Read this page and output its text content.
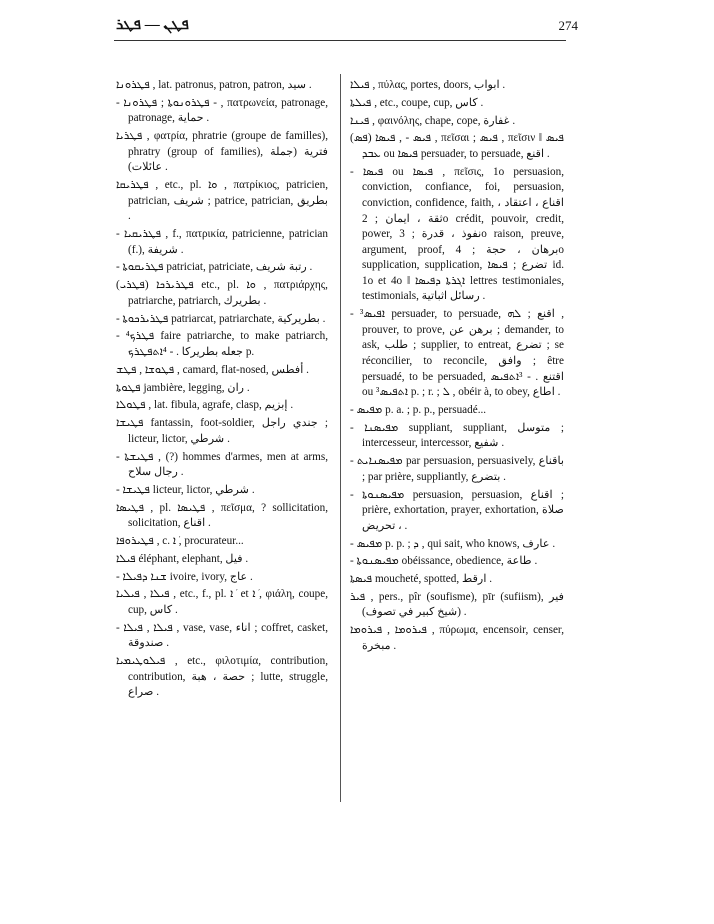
ܦܛܢ — ܦܛܪ	274

ܦܛܪܘܢܐ , lat. patronus, patron, patron, سيد .

- ܦܛܪܘܢܘܬܐ ; ܦܛܪܘܢܐ - , πατρωνεία, patronage, patronage, حماية .

ܦܛܪܝܐ , φατρία, phratrie (groupe de familles), phratry (group of families), فترية (جملة عائلات) .

ܦܛܪܝܩܐ , etc., pl. ܘܐ , πατρίκιος, patricien, patrician, شريف ; patrice, patrician, بطريق .

- ܦܛܪܝܩܝܐ , f., πατρικία, patricienne, patrician (f.), شريفة .

- ܦܛܪܝܩܘܬܐ patriciat, patriciate, رتبة شريف .

(ܦܛܪܝ) ܦܛܪܝܪܟܐ etc., pl. ܘܐ , πατριάρχης, patriarche, patriarch, بطريرك .

- ܦܛܪܝܪܟܘܬܐ patriarcat, patriarchate, بطريركية .

- ܦܛܪܟ⁴ faire patriarche, to make patriarch, جعله بطريركا . - ⁴ܐܬܦܛܪܟ p.

ܦܛܘܫܐ , ܦܛܫ , camard, flat-nosed, أفطس .

ܦܛܘܬܐ jambière, legging, ران .

ܦܛܘܠܐ , lat. fibula, agrafe, clasp, إبزيم .

ܦܛܝܫܐ fantassin, foot-soldier, جندي راجل ; licteur, lictor, شرطي .

- ܦܛܝܫܬܐ , (?) hommes d'armes, men at arms, رجال سلاح .

- ܦܛܝܫܐ licteur, lictor, شرطي .

ܦܛܝܣܐ , pl. ܦܛܝܣܐ , πεῖσμα, ? sollicitation, solicitation, اقناع .

ܦܛܝܪܘܦܐ , c. ܐ ܿ, procurateur...

ܦܝܠܐ éléphant, elephant, فيل .

- ܫܢܐ ܕܦܝܠܐ ivoire, ivory, عاج .

ܦܝܠܐ , ܦܝܠܝܐ , etc., f., pl. ܐ ܿ et ܐ ܿ, φιάλη, coupe, cup, كاس .

- ܦܝܠܐ , ܦܝܠܐ , vase, vase, اناء ; coffret, casket, صندوقة .

ܦܝܠܘܛܝܡܝܐ , etc., φιλοτιμία, contribution, contribution, حصة ، هبة ; lutte, struggle, صراع .

ܦܝܠܐ , πύλας, portes, doors, ابواب .

ܦܝܠܬܐ , etc., coupe, cup, كاس .

ܦܝܢܐ , φαινόλης, chape, cope, غفارة .

(ܦܣ) ܦܝܣ - , ܦܝܣܐ , πεῖσαι ; ܦܝܣ , πεῖσιν ǁ ܦܝܣ ܥܒܕ ou ܦܝܣܐ persuader, to persuade, اقنع .

- ܦܝܣܐ ou ܦܝܣܐ , πεῖσις, 1o persuasion, conviction, confiance, foi, persuasion, conviction, confidence, faith, اقناع ، اعتقاد ، ثقة ، ايمان ; 2o crédit, pouvoir, credit, power, نفوذ ، قدرة ; 3o raison, preuve, argument, proof, برهان ، حجة ; 4o supplication, supplication, تضرع ; ܦܝܣܐ id. 1o et 4o ǁ ܐܓܪܬܐ ܕܦܝܣܐ lettres testimoniales, testimonials, رسائل اثباتية .

- ³ܐܦܝܣ persuader, to persuade, اقنع ; ܠܗ , prouver, to prove, برهن عن ; demander, to ask, طلب ; supplier, to entreat, تضرع ; se réconcilier, to reconcile, وافق ; être persuadé, to be persuaded, اقتنع . - ³ܐܬܦܝܣ ou ³ܐܬܦܝܣ p. ; r. ; ܠ , obéir à, to obey, اطاع .

- ܡܦܝܣ p. a. ; p. p., persuadé...

- ܡܦܝܣܢܐ suppliant, suppliant, متوسل ; intercesseur, intercessor, شفيع .

- ܡܦܝܣܢܐܝܬ par persuasion, persuasively, باقناع ; par prière, suppliantly, بتضرع .

- ܡܦܝܣܢܘܬܐ persuasion, persuasion, اقناع ; prière, exhortation, prayer, exhortation, صلاة ، تحريض .

- ܡܦܝܣ p. p. ; ܕ , qui sait, who knows, عارف .

- ܡܦܝܣܢܘܬܐ obéissance, obedience, طاعة .

ܦܝܣܬܐ moucheté, spotted, ارقط .

ܦܝܪ , pers., pîr (soufisme), pīr (sufiism), فير (شيخ كبير في تصوف) .

ܦܝܪܘܡܐ , ܦܝܪܘܡܐ , πύρωμα, encensoir, censer, مبخرة .
